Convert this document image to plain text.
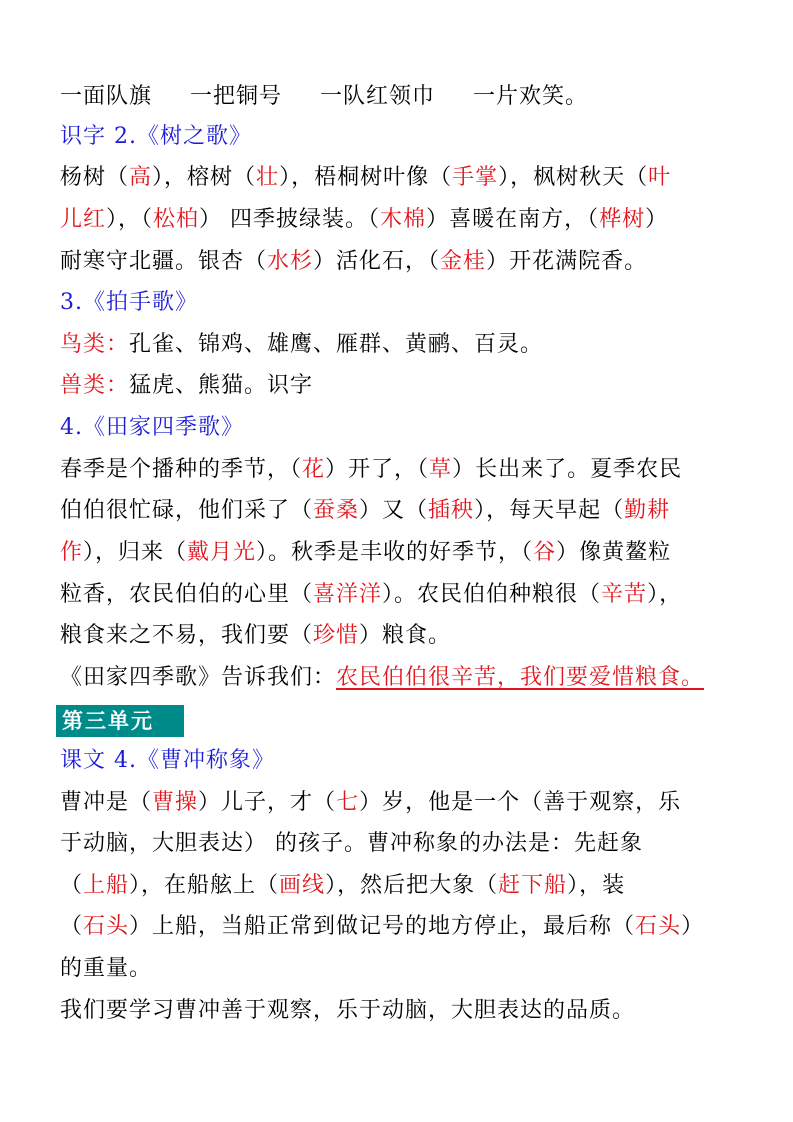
一面队旗 一把铜号 一队红领巾 一片欢笑。
识字 2.《树之歌》
杨树（高），榕树（壮），梧桐树叶像（手掌），枫树秋天（叶
儿红），（松柏） 四季披绿装。（木棉）喜暖在南方，（桦树）
耐寒守北疆。银杏（水杉）活化石，（金桂）开花满院香。
3.《拍手歌》
鸟类：孔雀、锦鸡、雄鹰、雁群、黄鹂、百灵。
兽类：猛虎、熊猫。识字
4.《田家四季歌》
春季是个播种的季节，（花）开了，（草）长出来了。夏季农民
伯伯很忙碌，他们采了（蚕桑）又（插秧），每天早起（勤耕
作），归来（戴月光）。秋季是丰收的好季节，（谷）像黄鳌粒
粒香，农民伯伯的心里（喜洋洋）。农民伯伯种粮很（辛苦），
粮食来之不易，我们要（珍惜）粮食。
《田家四季歌》告诉我们：农民伯伯很辛苦，我们要爱惜粮食。
第三单元
课文 4.《曹冲称象》
曹冲是（曹操）儿子，才（七）岁，他是一个（善于观察，乐
于动脑，大胆表达） 的孩子。曹冲称象的办法是：先赶象
（上船），在船舷上（画线），然后把大象（赶下船），装
（石头）上船，当船正常到做记号的地方停止，最后称（石头）
的重量。
我们要学习曹冲善于观察，乐于动脑，大胆表达的品质。
